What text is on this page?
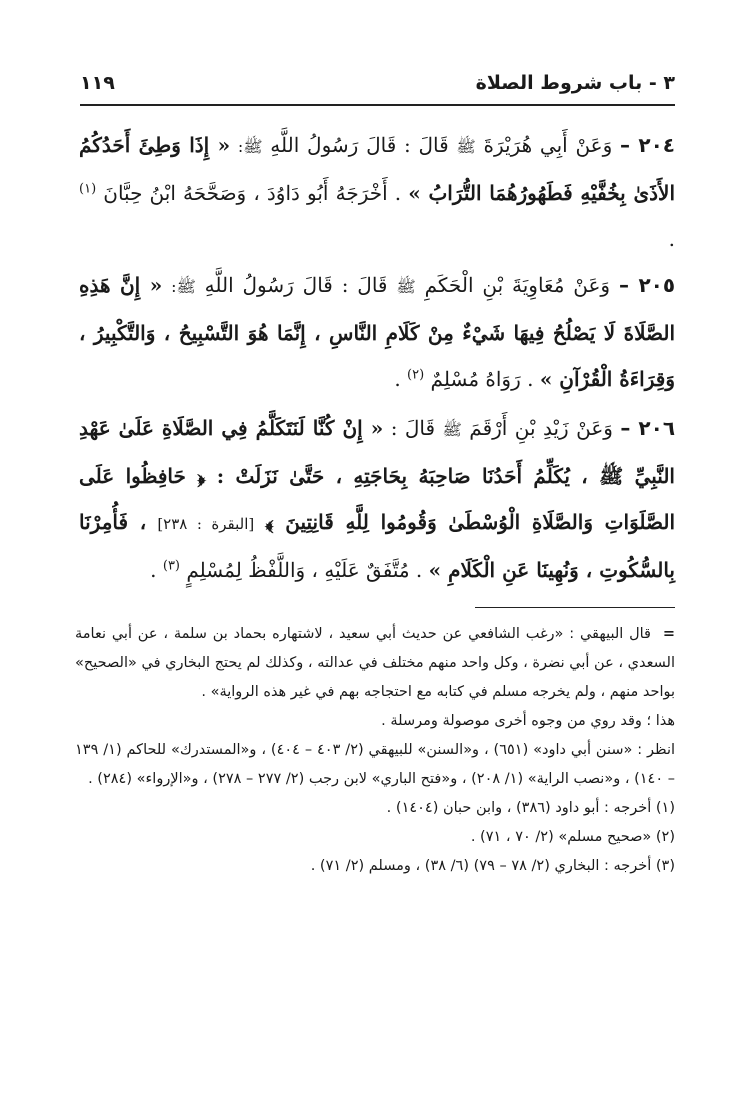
٣ - باب شروط الصلاة
١١٩
٢٠٤ – وَعَنْ أَبِي هُرَيْرَةَ ﷺ قَالَ : قَالَ رَسُولُ اللَّهِ ﷺ: « إِذَا وَطِئَ أَحَدُكُمُ الأَذَىٰ بِخُفَّيْهِ فَطَهُورُهُمَا التُّرَابُ » . أَخْرَجَهُ أَبُو دَاوُدَ ، وَصَحَّحَهُ ابْنُ حِبَّانَ $^{(١)}$ .
٢٠٥ – وَعَنْ مُعَاوِيَةَ بْنِ الْحَكَمِ ﷺ قَالَ : قَالَ رَسُولُ اللَّهِ ﷺ: « إِنَّ هَذِهِ الصَّلَاةَ لَا يَصْلُحُ فِيهَا شَيْءٌ مِنْ كَلَامِ النَّاسِ ، إِنَّمَا هُوَ التَّسْبِيحُ ، وَالتَّكْبِيرُ ، وَقِرَاءَةُ الْقُرْآنِ » . رَوَاهُ مُسْلِمٌ $^{(٢)}$ .
٢٠٦ – وَعَنْ زَيْدِ بْنِ أَرْقَمَ ﷺ قَالَ : « إِنْ كُنَّا لَنَتَكَلَّمُ فِي الصَّلَاةِ عَلَىٰ عَهْدِ النَّبِيِّ ﷺ ، يُكَلِّمُ أَحَدُنَا صَاحِبَهُ بِحَاجَتِهِ ، حَتَّىٰ نَزَلَتْ : ﴿ حَافِظُوا عَلَى الصَّلَوَاتِ وَالصَّلَاةِ الْوُسْطَىٰ وَقُومُوا لِلَّهِ قَانِتِينَ ﴾ [البقرة : ٢٣٨] ، فَأُمِرْنَا بِالسُّكُوتِ ، وَنُهِينَا عَنِ الْكَلَامِ » . مُتَّفَقٌ عَلَيْهِ ، وَاللَّفْظُ لِمُسْلِمٍ $^{(٣)}$ .
=قال البيهقي : «رغب الشافعي عن حديث أبي سعيد ، لاشتهاره بحماد بن سلمة ، عن أبي نعامة السعدي ، عن أبي نضرة ، وكل واحد منهم مختلف في عدالته ، وكذلك لم يحتج البخاري في «الصحيح» بواحد منهم ، ولم يخرجه مسلم في كتابه مع احتجاجه بهم في غير هذه الرواية» .
هذا ؛ وقد روي من وجوه أخرى موصولة ومرسلة .
انظر : «سنن أبي داود» (٦٥١) ، و«السنن» للبيهقي (٢/ ٤٠٣ – ٤٠٤) ، و«المستدرك» للحاكم (١/ ١٣٩ – ١٤٠) ، و«نصب الراية» (١/ ٢٠٨) ، و«فتح الباري» لابن رجب (٢/ ٢٧٧ – ٢٧٨) ، و«الإرواء» (٢٨٤) .
(١) أخرجه : أبو داود (٣٨٦) ، وابن حبان (١٤٠٤) .
(٢) «صحيح مسلم» (٢/ ٧٠ ، ٧١) .
(٣) أخرجه : البخاري (٢/ ٧٨ – ٧٩) (٦/ ٣٨) ، ومسلم (٢/ ٧١) .
